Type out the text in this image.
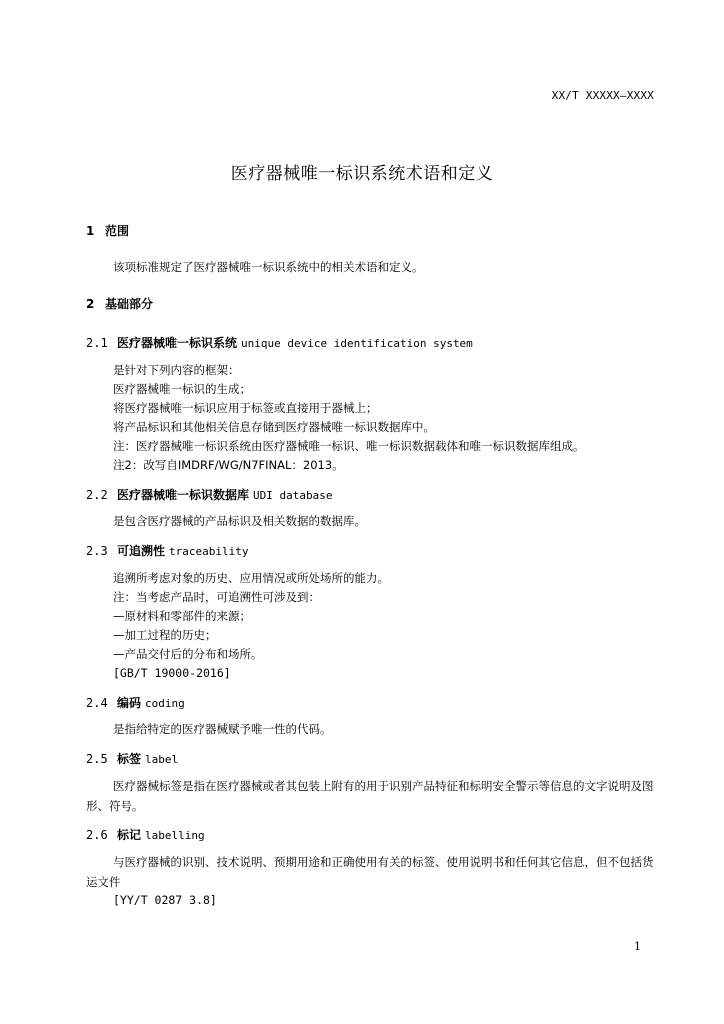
XX/T XXXXX—XXXX
医疗器械唯一标识系统术语和定义
1 范围
该项标准规定了医疗器械唯一标识系统中的相关术语和定义。
2 基础部分
2.1 医疗器械唯一标识系统 unique device identification system
是针对下列内容的框架：
医疗器械唯一标识的生成；
将医疗器械唯一标识应用于标签或直接用于器械上；
将产品标识和其他相关信息存储到医疗器械唯一标识数据库中。
注：医疗器械唯一标识系统由医疗器械唯一标识、唯一标识数据载体和唯一标识数据库组成。
注2：改写自IMDRF/WG/N7FINAL：2013。
2.2 医疗器械唯一标识数据库 UDI database
是包含医疗器械的产品标识及相关数据的数据库。
2.3 可追溯性 traceability
追溯所考虑对象的历史、应用情况或所处场所的能力。
注：当考虑产品时，可追溯性可涉及到：
—原材料和零部件的来源；
—加工过程的历史；
—产品交付后的分布和场所。
[GB/T 19000-2016]
2.4 编码 coding
是指给特定的医疗器械赋予唯一性的代码。
2.5 标签 label
医疗器械标签是指在医疗器械或者其包装上附有的用于识别产品特征和标明安全警示等信息的文字说明及图形、符号。
2.6 标记 labelling
与医疗器械的识别、技术说明、预期用途和正确使用有关的标签、使用说明书和任何其它信息，但不包括货运文件
[YY/T 0287 3.8]
1
